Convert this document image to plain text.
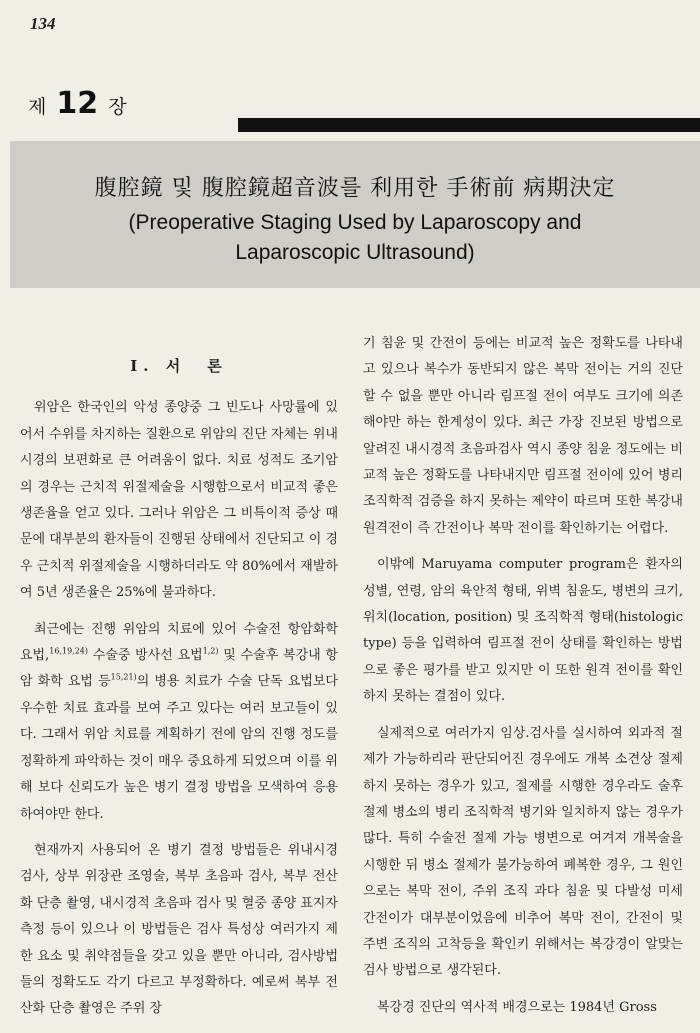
134
제 12 장
腹腔鏡 및 腹腔鏡超音波를 利用한 手術前 病期決定
(Preoperative Staging Used by Laparoscopy and
Laparoscopic Ultrasound)
I. 서　론

위암은 한국인의 악성 종양중 그 빈도나 사망률에 있어서 수위를 차지하는 질환으로 위암의 진단 자체는 위내시경의 보편화로 큰 어려움이 없다. 치료 성적도 조기암의 경우는 근치적 위절제술을 시행함으로서 비교적 좋은 생존율을 얻고 있다. 그러나 위암은 그 비특이적 증상 때문에 대부분의 환자들이 진행된 상태에서 진단되고 이 경우 근치적 위절제술을 시행하더라도 약 80%에서 재발하여 5년 생존율은 25%에 불과하다.

최근에는 진행 위암의 치료에 있어 수술전 항암화학 요법,$^{16,19,24)}$ 수술중 방사선 요법$^{1,2)}$ 및 수술후 복강내 항암 화학 요법 등$^{15,21)}$의 병용 치료가 수술 단독 요법보다 우수한 치료 효과를 보여 주고 있다는 여러 보고들이 있다. 그래서 위암 치료를 계획하기 전에 암의 진행 정도를 정확하게 파악하는 것이 매우 중요하게 되었으며 이를 위해 보다 신뢰도가 높은 병기 결정 방법을 모색하여 응용하여야만 한다.

현재까지 사용되어 온 병기 결정 방법들은 위내시경 검사, 상부 위장관 조영술, 복부 초음파 검사, 복부 전산화 단층 촬영, 내시경적 초음파 검사 및 혈중 종양 표지자 측정 등이 있으나 이 방법들은 검사 특성상 여러가지 제한 요소 및 취약점들을 갖고 있을 뿐만 아니라, 검사방법들의 정확도도 각기 다르고 부정확하다. 예로써 복부 전산화 단층 촬영은 주위 장

기 침윤 및 간전이 등에는 비교적 높은 정확도를 나타내고 있으나 복수가 동반되지 않은 복막 전이는 거의 진단할 수 없을 뿐만 아니라 림프절 전이 여부도 크기에 의존해야만 하는 한계성이 있다. 최근 가장 진보된 방법으로 알려진 내시경적 초음파검사 역시 종양 침윤 정도에는 비교적 높은 정확도를 나타내지만 림프절 전이에 있어 병리 조직학적 검증을 하지 못하는 제약이 따르며 또한 복강내 원격전이 즉 간전이나 복막 전이를 확인하기는 어렵다.

이밖에 Maruyama computer program은 환자의 성별, 연령, 암의 육안적 형태, 위벽 침윤도, 병변의 크기, 위치(location, position) 및 조직학적 형태(histologic type) 등을 입력하여 림프절 전이 상태를 확인하는 방법으로 좋은 평가를 받고 있지만 이 또한 원격 전이를 확인하지 못하는 결점이 있다.

실제적으로 여러가지 임상.검사를 실시하여 외과적 절제가 가능하리라 판단되어진 경우에도 개복 소견상 절제하지 못하는 경우가 있고, 절제를 시행한 경우라도 술후 절제 병소의 병리 조직학적 병기와 일치하지 않는 경우가 많다. 특히 수술전 절제 가능 병변으로 여겨져 개복술을 시행한 뒤 병소 절제가 불가능하여 폐복한 경우, 그 원인으로는 복막 전이, 주위 조직 과다 침윤 및 다발성 미세 간전이가 대부분이었음에 비추어 복막 전이, 간전이 및 주변 조직의 고착등을 확인키 위해서는 복강경이 알맞는 검사 방법으로 생각된다.

복강경 진단의 역사적 배경으로는 1984년 Gross
